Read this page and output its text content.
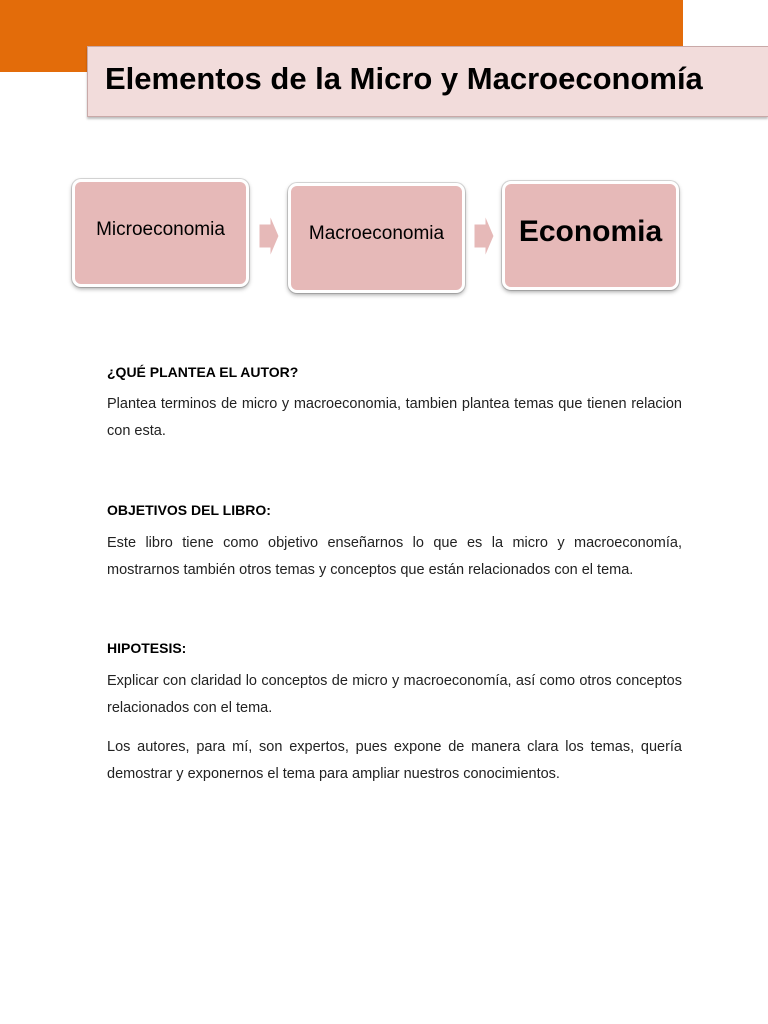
Elementos de la Micro y Macroeconomía
Microeconomia	Macroeconomia Economia
¿QUÉ PLANTEA EL AUTOR?

Plantea terminos de micro y macroeconomia, tambien plantea temas que tienen relacion con esta.

OBJETIVOS DEL LIBRO:

Este libro tiene como objetivo enseñarnos lo que es la micro y macroeconomía, mostrarnos también otros temas y conceptos que están relacionados con el tema.

HIPOTESIS:

Explicar con claridad lo conceptos de micro y macroeconomía, así como otros conceptos relacionados con el tema.

Los autores, para mí, son expertos, pues expone de manera clara los temas, quería demostrar y exponernos el tema para ampliar nuestros conocimientos.
